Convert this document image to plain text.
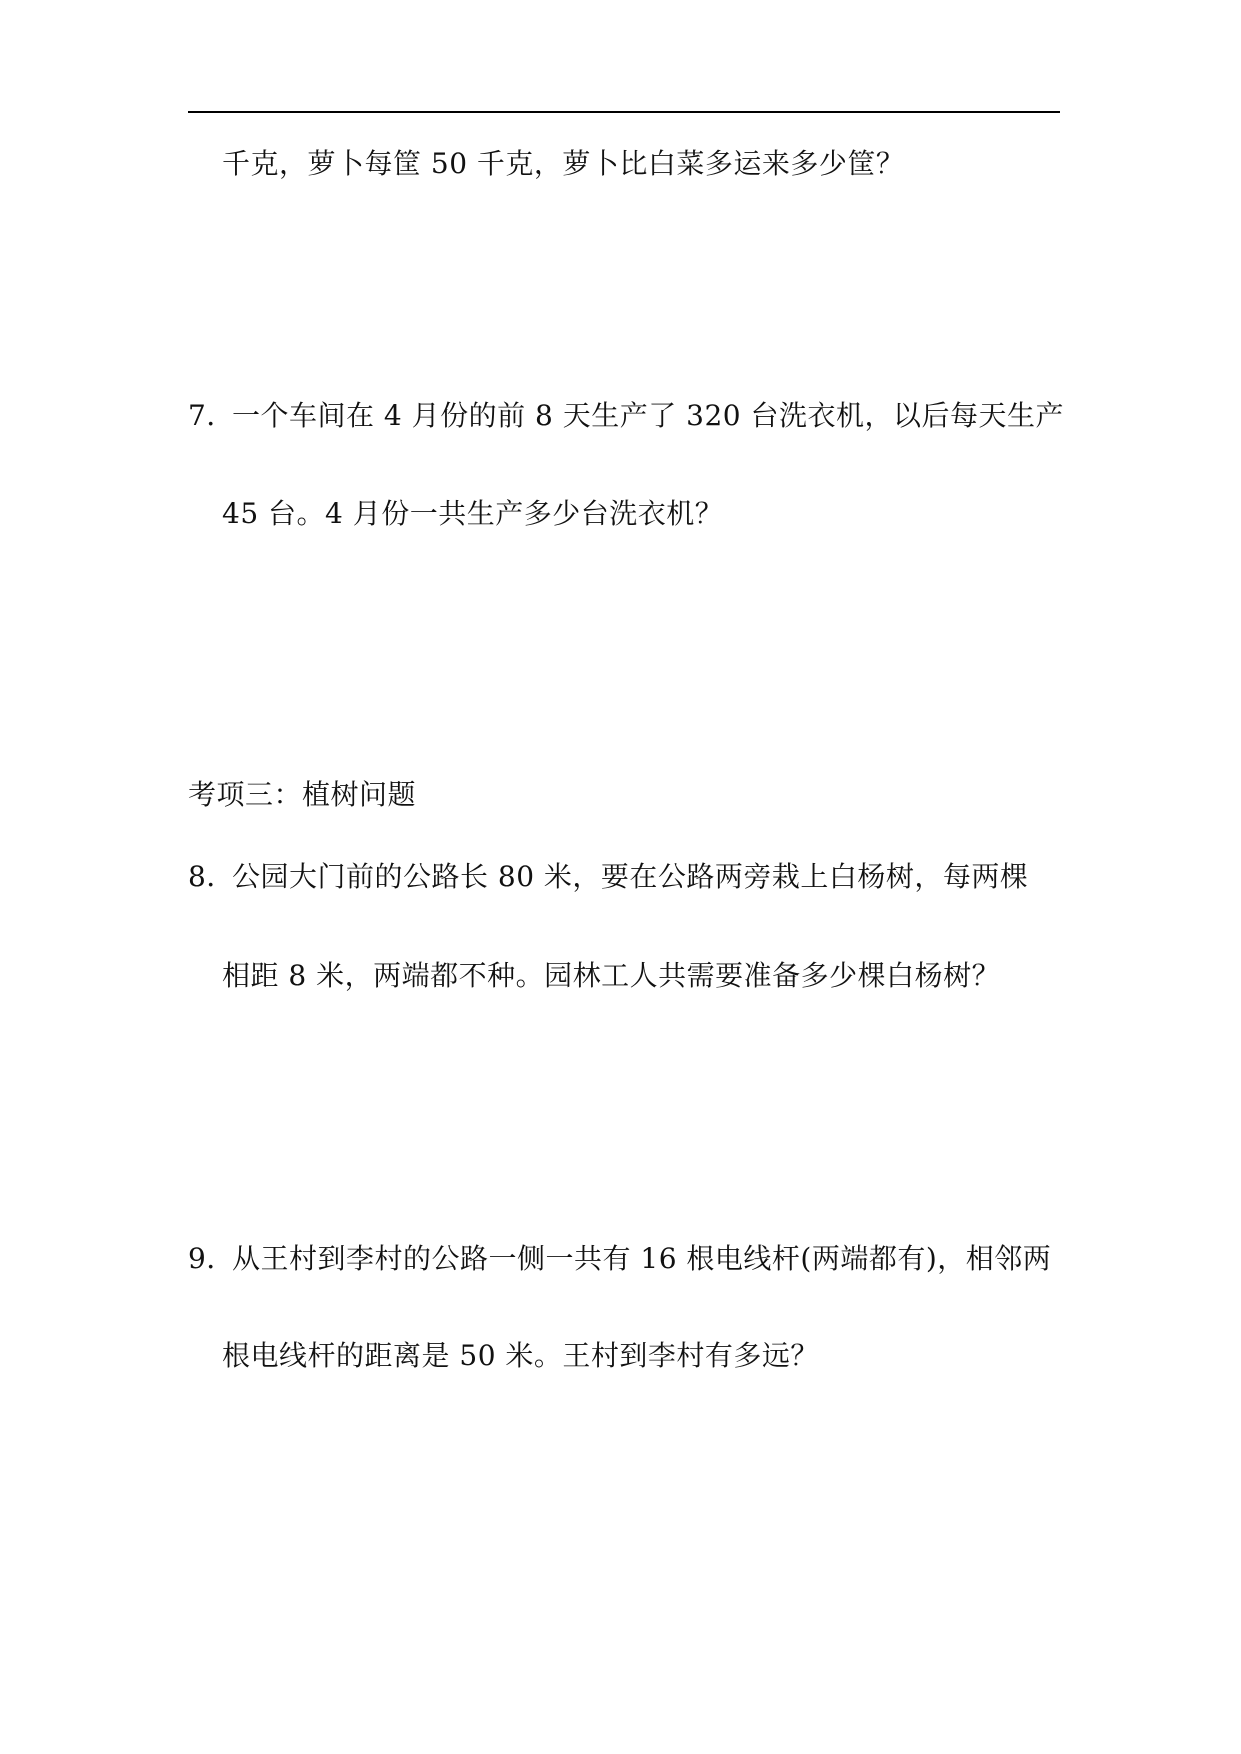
千克，萝卜每筐 50 千克，萝卜比白菜多运来多少筐？
7．一个车间在 4 月份的前 8 天生产了 320 台洗衣机，以后每天生产
45 台。4 月份一共生产多少台洗衣机？
考项三：植树问题
8．公园大门前的公路长 80 米，要在公路两旁栽上白杨树，每两棵
相距 8 米，两端都不种。园林工人共需要准备多少棵白杨树？
9．从王村到李村的公路一侧一共有 16 根电线杆(两端都有)，相邻两
根电线杆的距离是 50 米。王村到李村有多远？
